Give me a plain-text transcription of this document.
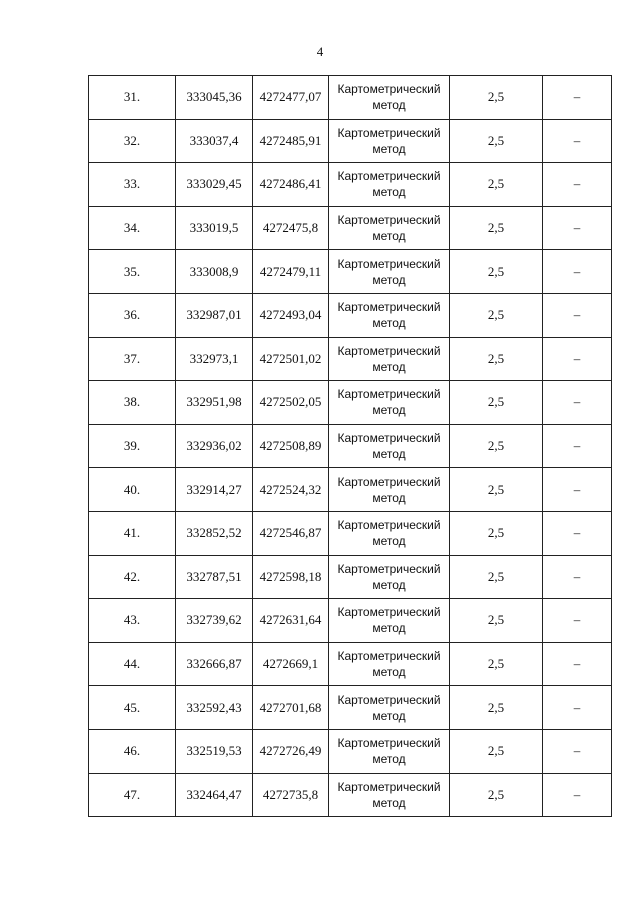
4
31.	333045,36	4272477,07	Картометрический метод	2,5	–
32.	333037,4	4272485,91	Картометрический метод	2,5	–
33.	333029,45	4272486,41	Картометрический метод	2,5	–
34.	333019,5	4272475,8	Картометрический метод	2,5	–
35.	333008,9	4272479,11	Картометрический метод	2,5	–
36.	332987,01	4272493,04	Картометрический метод	2,5	–
37.	332973,1	4272501,02	Картометрический метод	2,5	–
38.	332951,98	4272502,05	Картометрический метод	2,5	–
39.	332936,02	4272508,89	Картометрический метод	2,5	–
40.	332914,27	4272524,32	Картометрический метод	2,5	–
41.	332852,52	4272546,87	Картометрический метод	2,5	–
42.	332787,51	4272598,18	Картометрический метод	2,5	–
43.	332739,62	4272631,64	Картометрический метод	2,5	–
44.	332666,87	4272669,1	Картометрический метод	2,5	–
45.	332592,43	4272701,68	Картометрический метод	2,5	–
46.	332519,53	4272726,49	Картометрический метод	2,5	–
47.	332464,47	4272735,8	Картометрический метод	2,5	–
